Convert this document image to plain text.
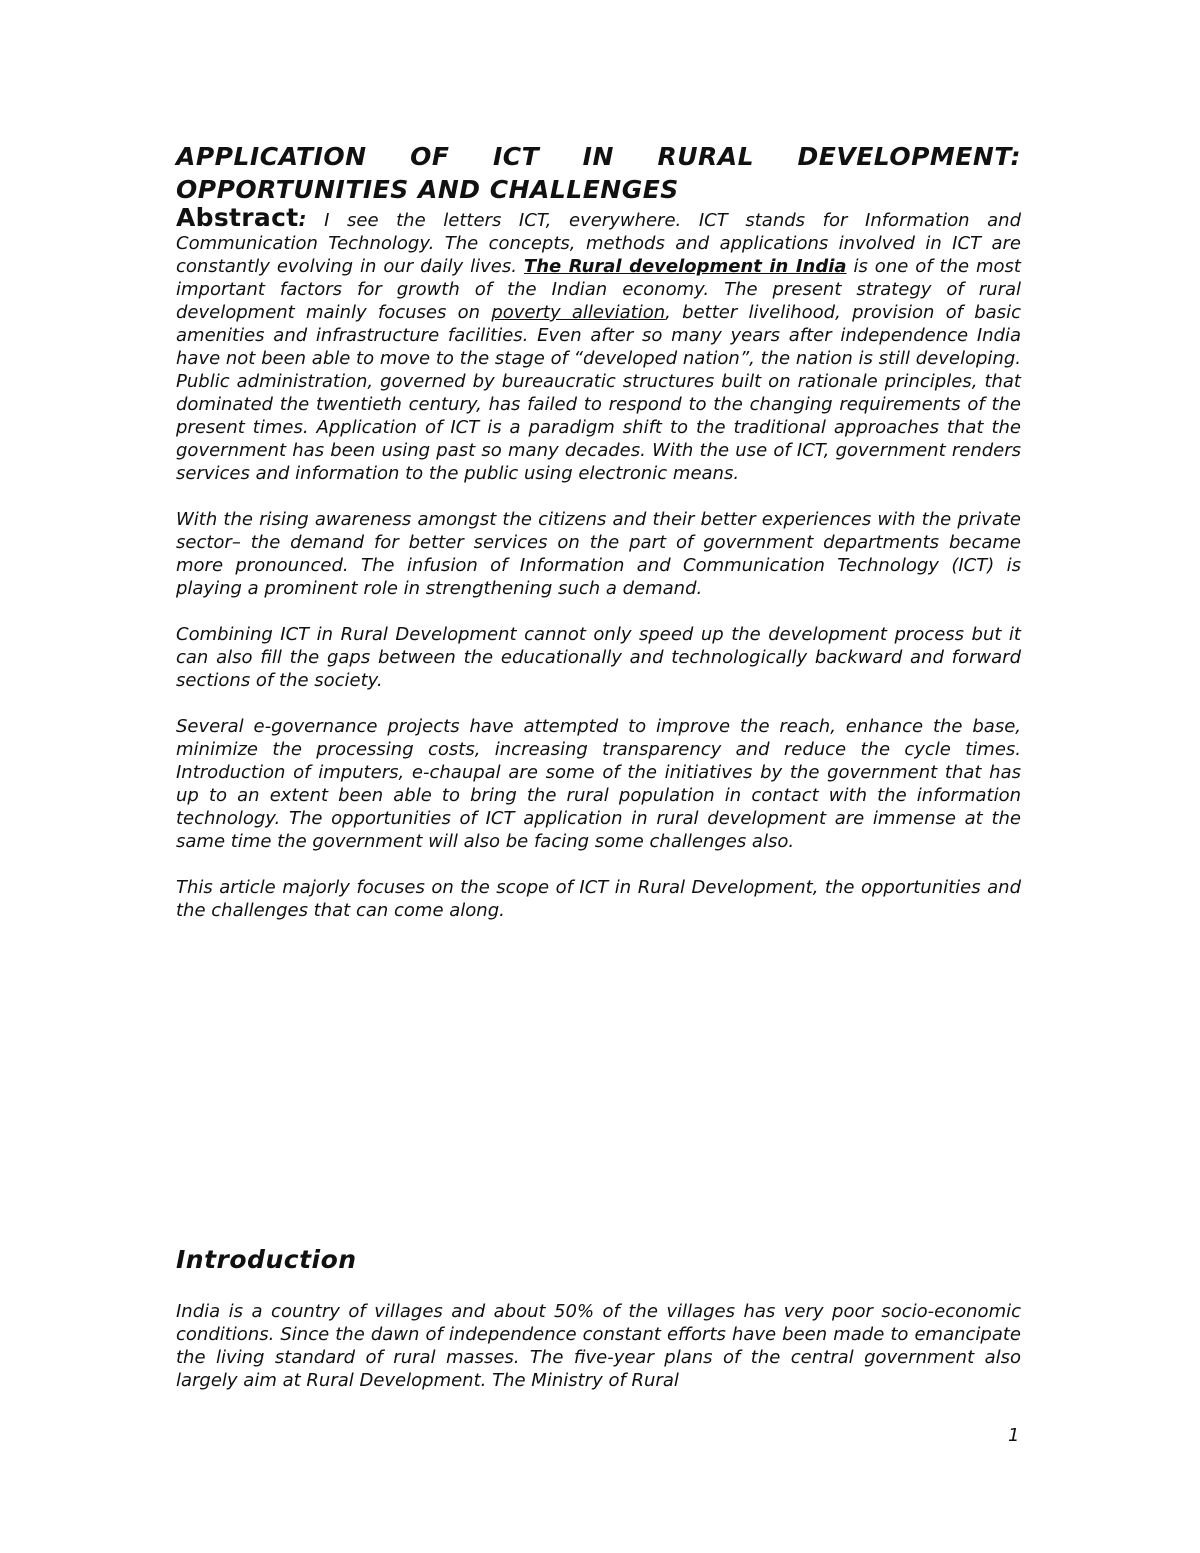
APPLICATION OF ICT IN RURAL DEVELOPMENT:
OPPORTUNITIES AND CHALLENGES

Abstract: I see the letters ICT, everywhere. ICT stands for Information and Communication Technology. The concepts, methods and applications involved in ICT are constantly evolving in our daily lives. The Rural development in India is one of the most important factors for growth of the Indian economy. The present strategy of rural development mainly focuses on poverty alleviation, better livelihood, provision of basic amenities and infrastructure facilities. Even after so many years after independence India have not been able to move to the stage of “developed nation”, the nation is still developing. Public administration, governed by bureaucratic structures built on rationale principles, that dominated the twentieth century, has failed to respond to the changing requirements of the present times. Application of ICT is a paradigm shift to the traditional approaches that the government has been using past so many decades. With the use of ICT, government renders services and information to the public using electronic means.

With the rising awareness amongst the citizens and their better experiences with the private sector– the demand for better services on the part of government departments became more pronounced. The infusion of Information and Communication Technology (ICT) is playing a prominent role in strengthening such a demand.

Combining ICT in Rural Development cannot only speed up the development process but it can also fill the gaps between the educationally and technologically backward and forward sections of the society.

Several e-governance projects have attempted to improve the reach, enhance the base, minimize the processing costs, increasing transparency and reduce the cycle times. Introduction of imputers, e-chaupal are some of the initiatives by the government that has up to an extent been able to bring the rural population in contact with the information technology. The opportunities of ICT application in rural development are immense at the same time the government will also be facing some challenges also.

This article majorly focuses on the scope of ICT in Rural Development, the opportunities and the challenges that can come along.

Introduction

India is a country of villages and about 50% of the villages has very poor socio-economic conditions. Since the dawn of independence constant efforts have been made to emancipate the living standard of rural masses. The five-year plans of the central government also largely aim at Rural Development. The Ministry of Rural

1
